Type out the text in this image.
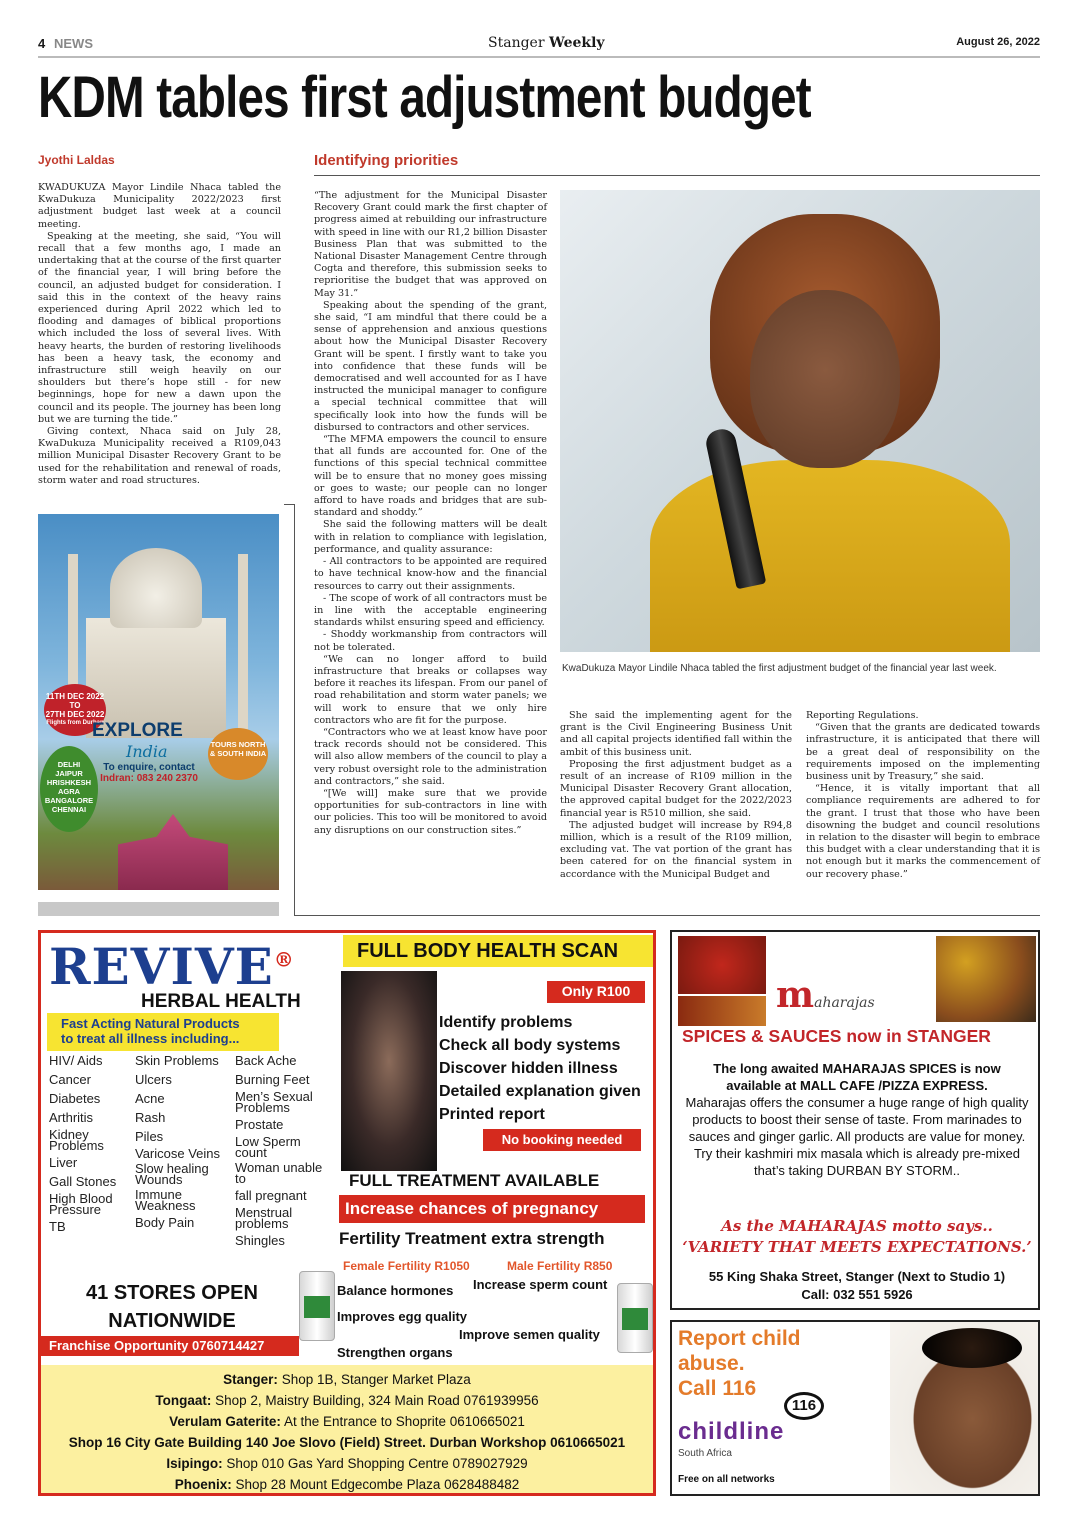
4 NEWS	Stanger Weekly	August 26, 2022
KDM tables first adjustment budget
Jyothi Laldas	Identifying priorities

KWADUKUZA Mayor Lindile Nhaca tabled the KwaDukuza Municipality 2022/2023 first adjustment budget last week at a council meeting.

Speaking at the meeting, she said, “You will recall that a few months ago, I made an undertaking that at the course of the first quarter of the financial year, I will bring before the council, an adjusted budget for consideration. I said this in the context of the heavy rains experienced during April 2022 which led to flooding and damages of biblical proportions which included the loss of several lives. With heavy hearts, the burden of restoring livelihoods has been a heavy task, the economy and infrastructure still weigh heavily on our shoulders but there’s hope still - for new beginnings, hope for new a dawn upon the council and its people. The journey has been long but we are turning the tide.”

Giving context, Nhaca said on July 28, KwaDukuza Municipality received a R109,043 million Municipal Disaster Recovery Grant to be used for the rehabilitation and renewal of roads, storm water and road structures.

11TH DEC 2022
TO
27TH DEC 2022
Flights from Durban
EXPLORE
India
To enquire, contact
Indran: 083 240 2370
TOURS NORTH & SOUTH INDIA
DELHI
JAIPUR
HRISHKESH
AGRA
BANGALORE
CHENNAI

“The adjustment for the Municipal Disaster Recovery Grant could mark the first chapter of progress aimed at rebuilding our infrastructure with speed in line with our R1,2 billion Disaster Business Plan that was submitted to the National Disaster Management Centre through Cogta and therefore, this submission seeks to reprioritise the budget that was approved on May 31.”

Speaking about the spending of the grant, she said, “I am mindful that there could be a sense of apprehension and anxious questions about how the Municipal Disaster Recovery Grant will be spent. I firstly want to take you into confidence that these funds will be democratised and well accounted for as I have instructed the municipal manager to configure a special technical committee that will specifically look into how the funds will be disbursed to contractors and other services.

“The MFMA empowers the council to ensure that all funds are accounted for. One of the functions of this special technical committee will be to ensure that no money goes missing or goes to waste; our people can no longer afford to have roads and bridges that are sub-standard and shoddy.”

She said the following matters will be dealt with in relation to compliance with legislation, performance, and quality assurance:

- All contractors to be appointed are required to have technical know-how and the financial resources to carry out their assignments.

- The scope of work of all contractors must be in line with the acceptable engineering standards whilst ensuring speed and efficiency.

- Shoddy workmanship from contractors will not be tolerated.

“We can no longer afford to build infrastructure that breaks or collapses way before it reaches its lifespan. From our panel of road rehabilitation and storm water panels; we will work to ensure that we only hire contractors who are fit for the purpose.

“Contractors who we at least know have poor track records should not be considered. This will also allow members of the council to play a very robust oversight role to the administration and contractors,” she said.

“[We will] make sure that we provide opportunities for sub-contractors in line with our policies. This too will be monitored to avoid any disruptions on our construction sites.”

KwaDukuza Mayor Lindile Nhaca tabled the first adjustment budget of the financial year last week.

She said the implementing agent for the grant is the Civil Engineering Business Unit and all capital projects identified fall within the ambit of this business unit.

Proposing the first adjustment budget as a result of an increase of R109 million in the Municipal Disaster Recovery Grant allocation, the approved capital budget for the 2022/2023 financial year is R510 million, she said.

The adjusted budget will increase by R94,8 million, which is a result of the R109 million, excluding vat. The vat portion of the grant has been catered for on the financial system in accordance with the Municipal Budget and

Reporting Regulations.

“Given that the grants are dedicated towards infrastructure, it is anticipated that there will be a great deal of responsibility on the requirements imposed on the implementing business unit by Treasury,” she said.

“Hence, it is vitally important that all compliance requirements are adhered to for the grant. I trust that those who have been disowning the budget and council resolutions in relation to the disaster will begin to embrace this budget with a clear understanding that it is not enough but it marks the commencement of our recovery phase.”

REVIVE®
HERBAL HEALTH
Fast Acting Natural Products
to treat all illness including...
HIV/ Aids
Cancer
Diabetes
Arthritis
Kidney Problems
Liver
Gall Stones
High Blood Pressure
TB
Skin Problems
Ulcers
Acne
Rash
Piles
Varicose Veins
Slow healing Wounds
Immune Weakness
Body Pain
Back Ache
Burning Feet
Men’s Sexual Problems
Prostate
Low Sperm count
Woman unable to
fall pregnant
Menstrual problems
Shingles
41 STORES OPEN
NATIONWIDE
Franchise Opportunity 0760714427
FULL BODY HEALTH SCAN
Only R100
Identify problems
Check all body systems
Discover hidden illness
Detailed explanation given
Printed report
No booking needed
FULL TREATMENT AVAILABLE
Increase chances of pregnancy
Fertility Treatment extra strength
Female Fertility R1050	Male Fertility R850
Balance hormones Increase sperm count
Improves egg quality
Improve semen quality
Strengthen organs
Stanger: Shop 1B, Stanger Market Plaza
Tongaat: Shop 2, Maistry Building, 324 Main Road 0761939956
Verulam Gaterite: At the Entrance to Shoprite 0610665021
Shop 16 City Gate Building 140 Joe Slovo (Field) Street. Durban Workshop 0610665021
Isipingo: Shop 010 Gas Yard Shopping Centre 0789027929
Phoenix: Shop 28 Mount Edgecombe Plaza 0628488482
maharajas
SPICES & SAUCES now in STANGER
The long awaited MAHARAJAS SPICES is now
available at MALL CAFE /PIZZA EXPRESS.
Maharajas offers the consumer a huge range of high quality products to boost their sense of taste. From marinades to sauces and ginger garlic. All products are value for money. Try their kashmiri mix masala which is already pre-mixed that’s taking DURBAN BY STORM..
As the MAHARAJAS motto says..
‘VARIETY THAT MEETS EXPECTATIONS.’
55 King Shaka Street, Stanger (Next to Studio 1)
Call: 032 551 5926
Report child
abuse.
Call 116
116
childline
South Africa
Free on all networks
